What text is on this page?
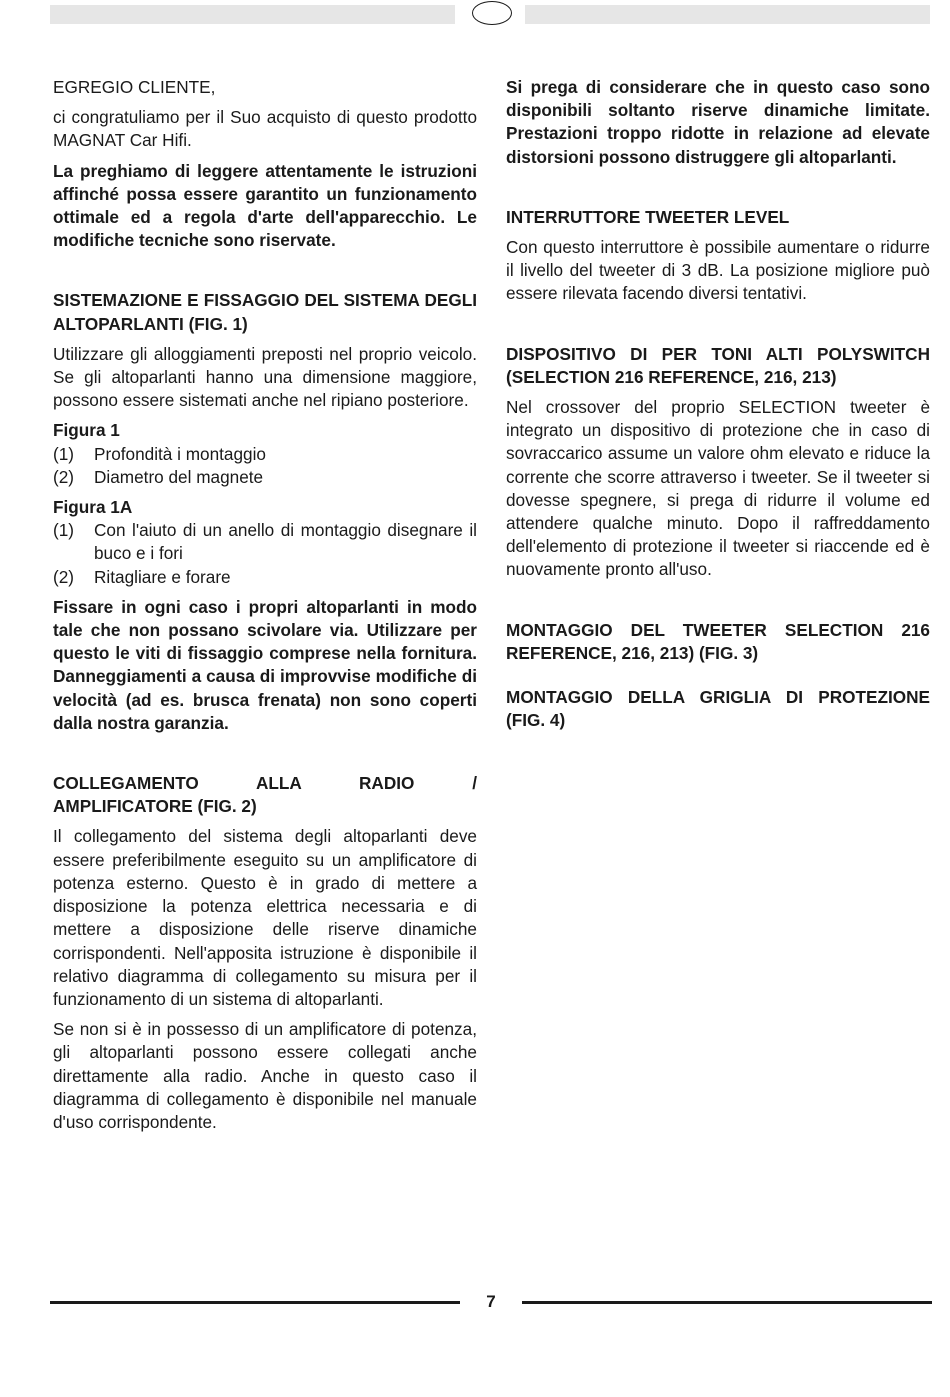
EGREGIO CLIENTE,

ci congratuliamo per il Suo acquisto di questo prodotto MAGNAT Car Hifi.

La preghiamo di leggere attentamente le istruzioni affinché possa essere garantito un funzionamento ottimale ed a regola d'arte dell'apparecchio. Le modifiche tecniche sono riservate.

SISTEMAZIONE E FISSAGGIO DEL SISTEMA DEGLI ALTOPARLANTI (FIG. 1)

Utilizzare gli alloggiamenti preposti nel proprio veicolo. Se gli altoparlanti hanno una dimensione maggiore, possono essere sistemati anche nel ripiano posteriore.

Figura 1

(1)	Profondità i montaggio
(2)	Diametro del magnete

Figura 1A

(1)	Con l'aiuto di un anello di montaggio disegnare il buco e i fori
(2)	Ritagliare e forare

Fissare in ogni caso i propri altoparlanti in modo tale che non possano scivolare via. Utilizzare per questo le viti di fissaggio comprese nella fornitura. Danneggiamenti a causa di improvvise modifiche di velocità (ad es. brusca frenata) non sono coperti dalla nostra garanzia.

COLLEGAMENTO ALLA RADIO /
AMPLIFICATORE (FIG. 2)

Il collegamento del sistema degli altoparlanti deve essere preferibilmente eseguito su un amplificatore di potenza esterno. Questo è in grado di mettere a disposizione la potenza elettrica necessaria e di mettere a disposizione delle riserve dinamiche corrispondenti. Nell'apposita istruzione è disponibile il relativo diagramma di collegamento su misura per il funzionamento di un sistema di altoparlanti.

Se non si è in possesso di un amplificatore di potenza, gli altoparlanti possono essere collegati anche direttamente alla radio. Anche in questo caso il diagramma di collegamento è disponibile nel manuale d'uso corrispondente.

Si prega di considerare che in questo caso sono disponibili soltanto riserve dinamiche limitate. Prestazioni troppo ridotte in relazione ad elevate distorsioni possono distruggere gli altoparlanti.

INTERRUTTORE TWEETER LEVEL

Con questo interruttore è possibile aumentare o ridurre il livello del tweeter di 3 dB. La posizione migliore può essere rilevata facendo diversi tentativi.

DISPOSITIVO DI PER TONI ALTI POLYSWITCH (SELECTION 216 REFERENCE, 216, 213)

Nel crossover del proprio SELECTION tweeter è integrato un dispositivo di protezione che in caso di sovraccarico assume un valore ohm elevato e riduce la corrente che scorre attraverso i tweeter. Se il tweeter si dovesse spegnere, si prega di ridurre il volume ed attendere qualche minuto. Dopo il raffreddamento dell'elemento di protezione il tweeter si riaccende ed è nuovamente pronto all'uso.

MONTAGGIO DEL TWEETER SELECTION 216 REFERENCE, 216, 213) (FIG. 3)
MONTAGGIO DELLA GRIGLIA DI PROTEZIONE (FIG. 4)
7
